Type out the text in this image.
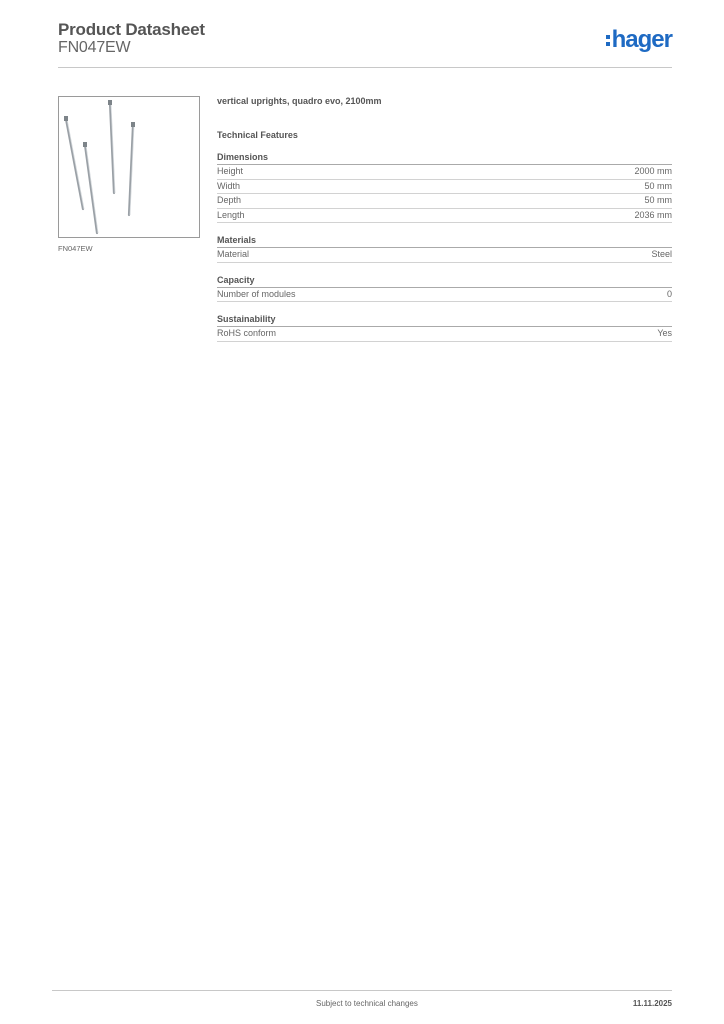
Product Datasheet
FN047EW	hager
FN047EW
vertical uprights, quadro evo, 2100mm
Technical Features
Dimensions
Height	2000 mm
Width	50 mm
Depth	50 mm
Length	2036 mm
Materials
Material	Steel
Capacity
Number of modules	0
Sustainability
RoHS conform	Yes
Subject to technical changes	11.11.2025
